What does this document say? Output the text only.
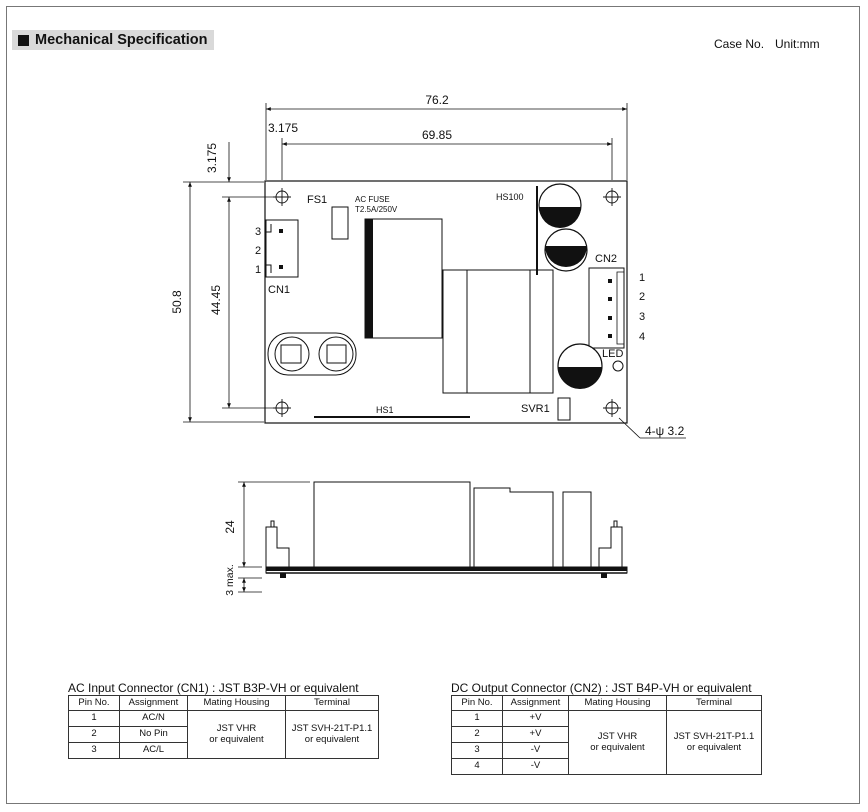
Mechanical Specification	Case No. Unit:mm
76.2
3.175	69.85
3.175
50.8 44.45
4-ψ 3.2
24
3 max.
FS1	AC FUSE
T2.5A/250V
HS100
CN1
3
2
1
CN2
1
2
3
4
LED
HS1	SVR1
AC Input Connector (CN1) : JST B3P-VH or equivalent
Pin No.	Assignment	Mating Housing	Terminal
1	AC/N	JST VHR
or equivalent	JST SVH-21T-P1.1
or equivalent
2	No Pin		
3	AC/L		
DC Output Connector (CN2) : JST B4P-VH or equivalent
Pin No.	Assignment	Mating Housing	Terminal
1	+V	JST VHR
or equivalent	JST SVH-21T-P1.1
or equivalent
2	+V		
3	-V		
4	-V		
